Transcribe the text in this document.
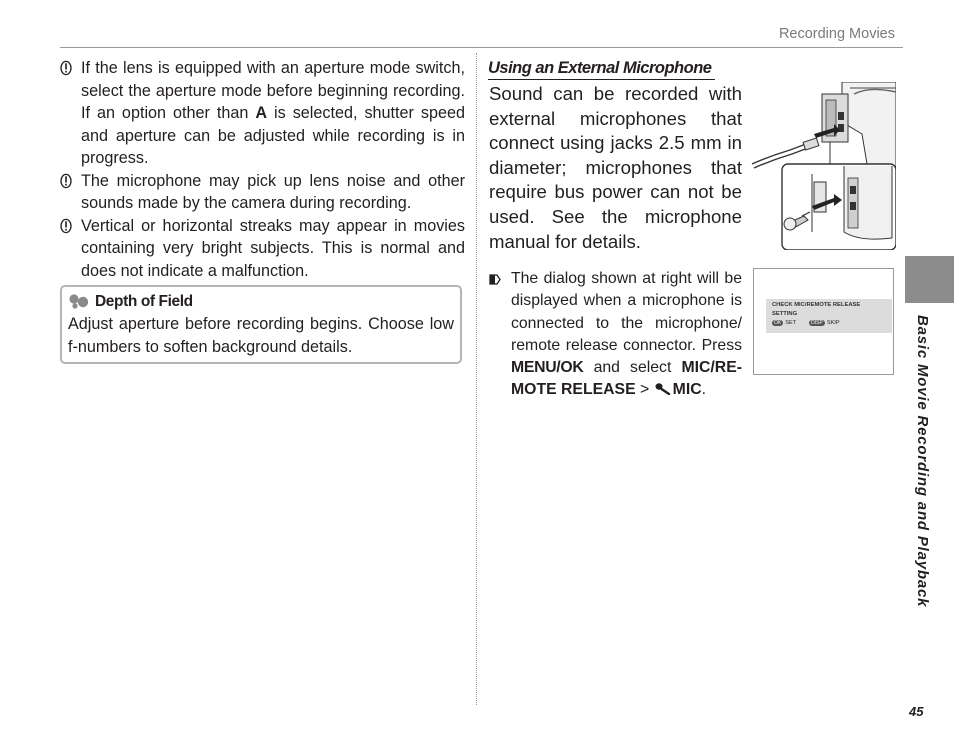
Recording Movies
If the lens is equipped with an aperture mode switch, select the aperture mode before beginning recording. If an option other than A is selected, shutter speed and aperture can be adjusted while recording is in progress.
The microphone may pick up lens noise and other sounds made by the camera during recording.
Vertical or horizontal streaks may appear in movies containing very bright subjects. This is normal and does not indicate a malfunction.
Depth of Field
Adjust aperture before recording begins. Choose low f-numbers to soften background details.
Using an External Microphone
Sound can be recorded with external microphones that connect using jacks 2.5 mm in diameter; microphones that require bus power can not be used. See the microphone manual for details.
The dialog shown at right will be displayed when a microphone is connected to the microphone/ remote release connector. Press MENU/OK and select MIC/REMOTE RELEASE > MIC.
CHECK MIC/REMOTE RELEASE
SETTING
OK SET	DISP SKIP	Basic Movie Recording and Playback
45
